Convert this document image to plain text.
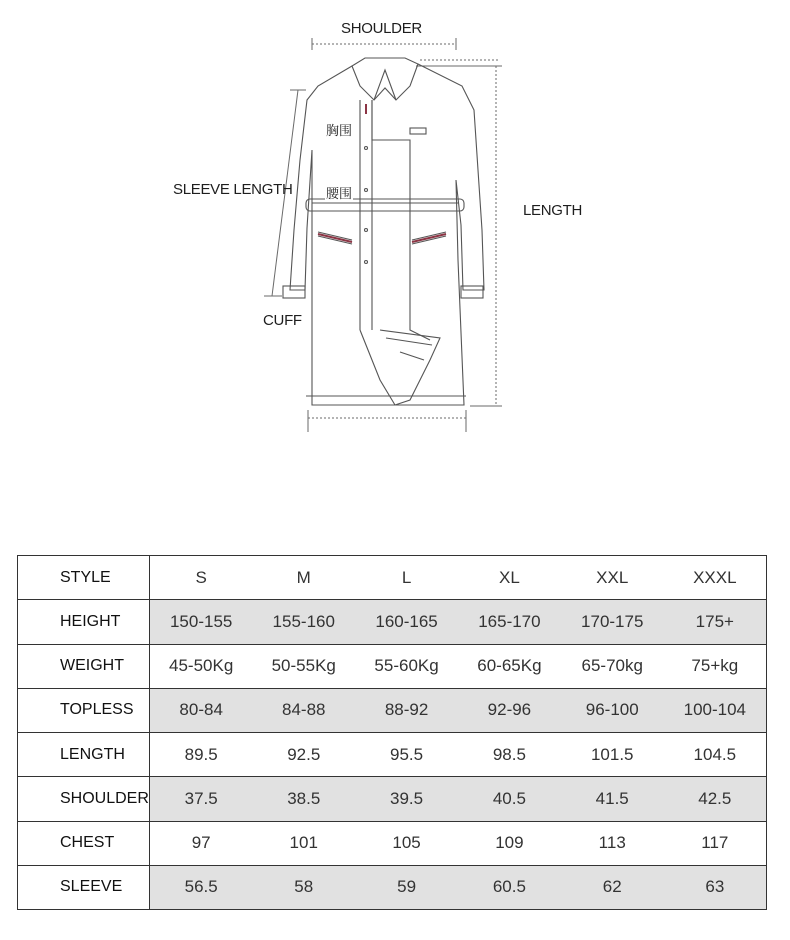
SHOULDER
SLEEVE LENGTH
LENGTH
CUFF
胸围
腰围
STYLE	S	M	L	XL	XXL	XXXL
HEIGHT	150-155	155-160	160-165	165-170	170-175	175+
WEIGHT	45-50Kg	50-55Kg	55-60Kg	60-65Kg	65-70kg	75+kg
TOPLESS	80-84	84-88	88-92	92-96	96-100	100-104
LENGTH	89.5	92.5	95.5	98.5	101.5	104.5
SHOULDER	37.5	38.5	39.5	40.5	41.5	42.5
CHEST	97	101	105	109	113	117
SLEEVE	56.5	58	59	60.5	62	63
